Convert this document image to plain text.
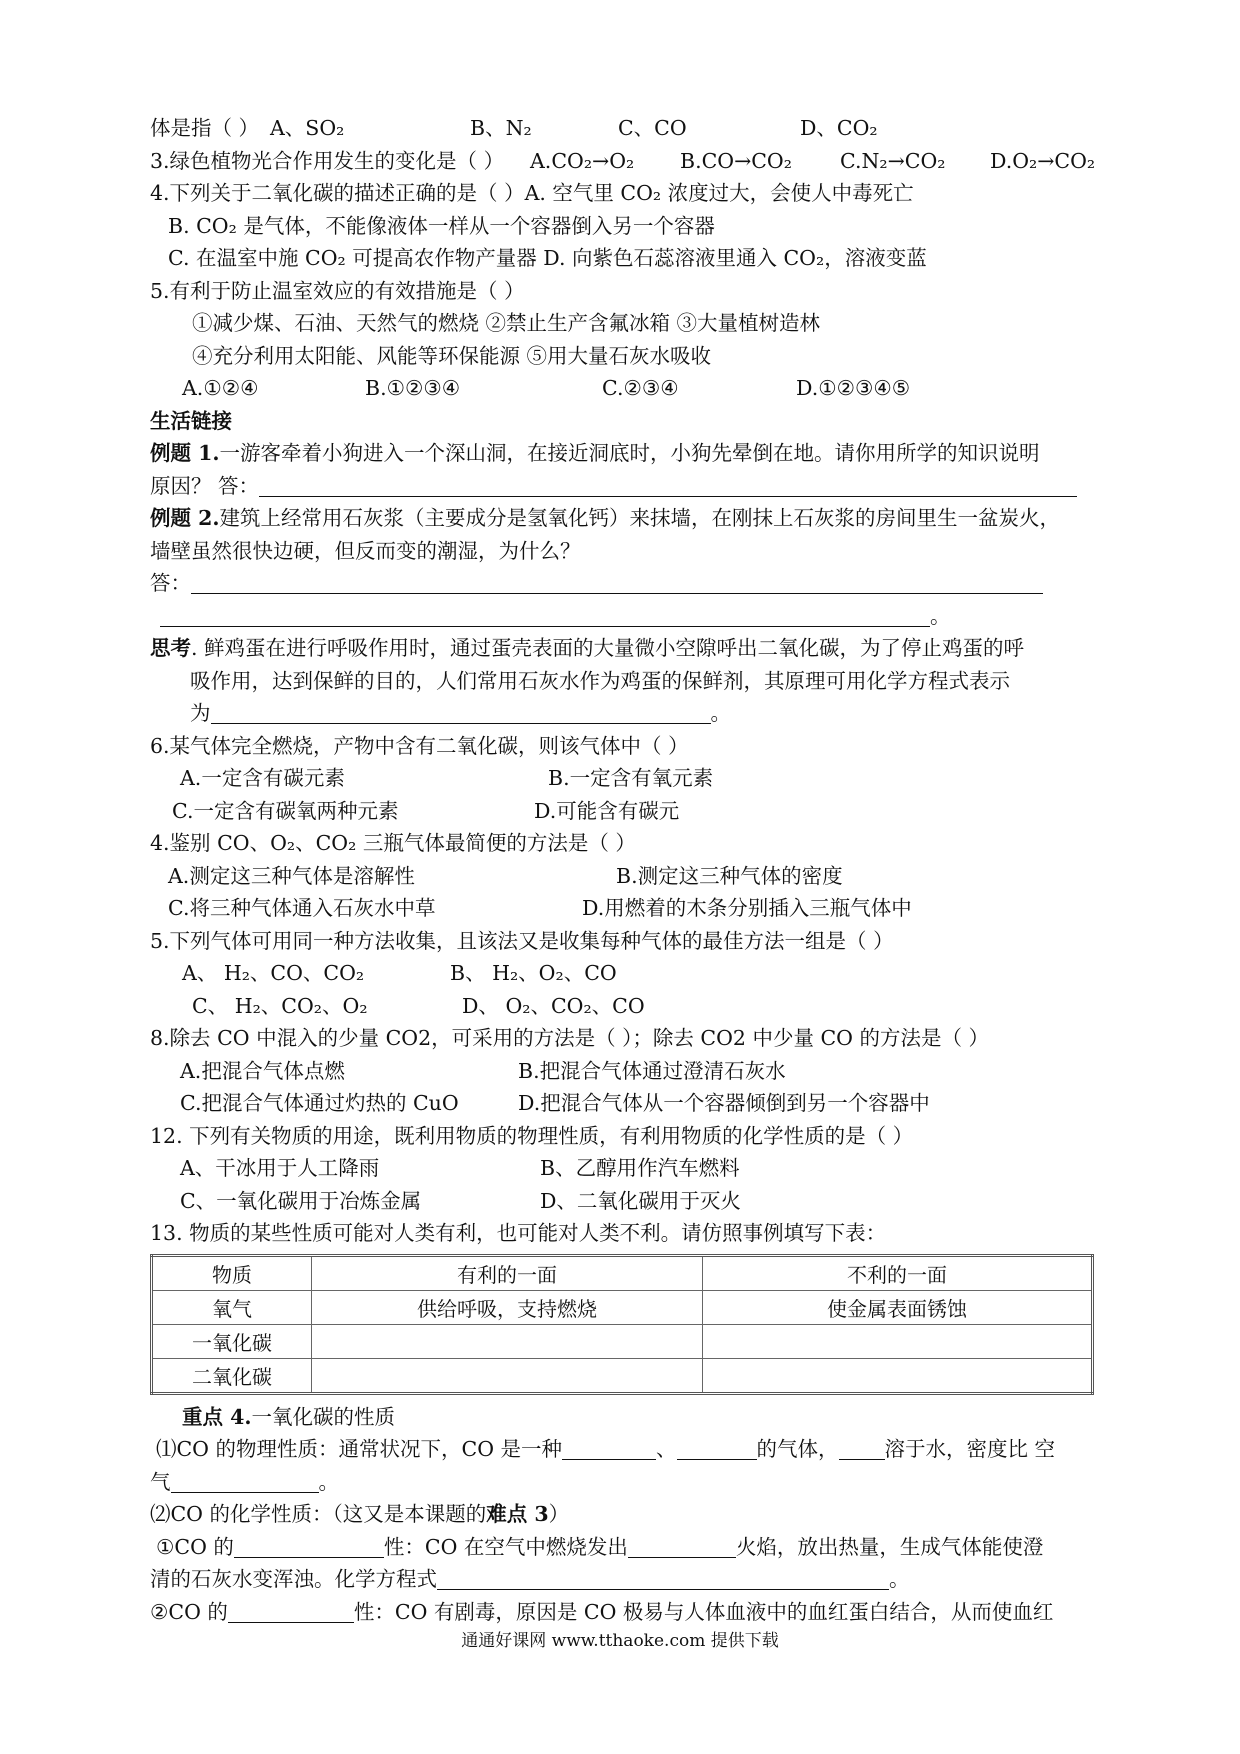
体是指（ ） A、SO₂	B、N₂	C、CO	D、CO₂
3.绿色植物光合作用发生的变化是（ ） A.CO₂→O₂ B.CO→CO₂ C.N₂→CO₂ D.O₂→CO₂
4.下列关于二氧化碳的描述正确的是（ ）A. 空气里 CO₂ 浓度过大，会使人中毒死亡
B. CO₂ 是气体，不能像液体一样从一个容器倒入另一个容器
C. 在温室中施 CO₂ 可提高农作物产量器 D. 向紫色石蕊溶液里通入 CO₂，溶液变蓝
5.有利于防止温室效应的有效措施是（ ）
①减少煤、石油、天然气的燃烧 ②禁止生产含氟冰箱 ③大量植树造林
④充分利用太阳能、风能等环保能源 ⑤用大量石灰水吸收
A.①②④	B.①②③④	C.②③④	D.①②③④⑤
生活链接
例题 1.一游客牵着小狗进入一个深山洞，在接近洞底时，小狗先晕倒在地。请你用所学的知识说明
原因？ 答：
例题 2.建筑上经常用石灰浆（主要成分是氢氧化钙）来抹墙，在刚抹上石灰浆的房间里生一盆炭火，
墙壁虽然很快边硬，但反而变的潮湿，为什么？
答：
。
思考. 鲜鸡蛋在进行呼吸作用时，通过蛋壳表面的大量微小空隙呼出二氧化碳，为了停止鸡蛋的呼
吸作用，达到保鲜的目的，人们常用石灰水作为鸡蛋的保鲜剂，其原理可用化学方程式表示
为	。
6.某气体完全燃烧，产物中含有二氧化碳，则该气体中（ ）
A.一定含有碳元素	B.一定含有氧元素
C.一定含有碳氧两种元素	D.可能含有碳元
4.鉴别 CO、O₂、CO₂ 三瓶气体最简便的方法是（ ）
A.测定这三种气体是溶解性	B.测定这三种气体的密度
C.将三种气体通入石灰水中草	D.用燃着的木条分别插入三瓶气体中
5.下列气体可用同一种方法收集，且该法又是收集每种气体的最佳方法一组是（ ）
A、 H₂、CO、CO₂	B、 H₂、O₂、CO
C、 H₂、CO₂、O₂	D、 O₂、CO₂、CO
8.除去 CO 中混入的少量 CO2，可采用的方法是（ ）；除去 CO2 中少量 CO 的方法是（ ）
A.把混合气体点燃	B.把混合气体通过澄清石灰水
C.把混合气体通过灼热的 CuO	D.把混合气体从一个容器倾倒到另一个容器中
12. 下列有关物质的用途，既利用物质的物理性质，有利用物质的化学性质的是（ ）
A、干冰用于人工降雨	B、乙醇用作汽车燃料
C、一氧化碳用于冶炼金属	D、二氧化碳用于灭火
13. 物质的某些性质可能对人类有利，也可能对人类不利。请仿照事例填写下表：
物质	有利的一面	不利的一面
氧气	供给呼吸，支持燃烧	使金属表面锈蚀
一氧化碳		
二氧化碳		
重点 4.一氧化碳的性质
⑴CO 的物理性质：通常状况下，CO 是一种	、	的气体， 溶于水，密度比 空
气	。
⑵CO 的化学性质：（这又是本课题的难点 3）
①CO 的	性：CO 在空气中燃烧发出	火焰，放出热量，生成气体能使澄
清的石灰水变浑浊。化学方程式	。
②CO 的	性：CO 有剧毒，原因是 CO 极易与人体血液中的血红蛋白结合，从而使血红
通通好课网 www.tthaoke.com 提供下载
